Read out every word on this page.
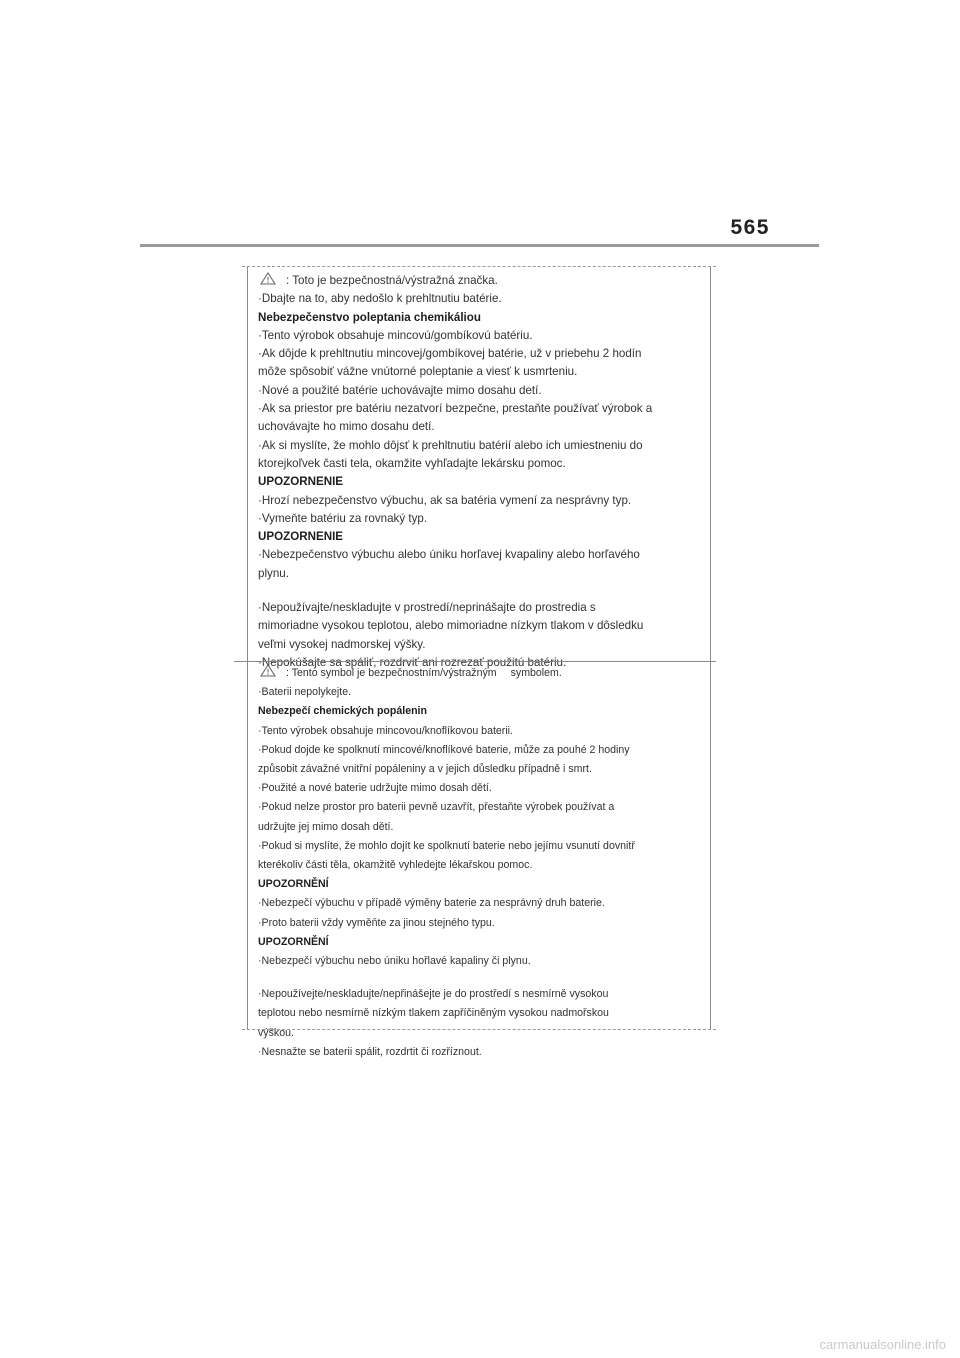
565
: Toto je bezpečnostná/výstražná značka.
·Dbajte na to, aby nedošlo k prehltnutiu batérie.
Nebezpečenstvo poleptania chemikáliou
·Tento výrobok obsahuje mincovú/gombíkovú batériu.
·Ak dôjde k prehltnutiu mincovej/gombíkovej batérie, už v priebehu 2 hodín
môže spôsobiť vážne vnútorné poleptanie a viesť k usmrteniu.
·Nové a použité batérie uchovávajte mimo dosahu detí.
·Ak sa priestor pre batériu nezatvorí bezpečne, prestaňte používať výrobok a
uchovávajte ho mimo dosahu detí.
·Ak si myslíte, že mohlo dôjsť k prehltnutiu batérií alebo ich umiestneniu do
ktorejkoľvek časti tela, okamžite vyhľadajte lekársku pomoc.
UPOZORNENIE
·Hrozí nebezpečenstvo výbuchu, ak sa batéria vymení za nesprávny typ.
·Vymeňte batériu za rovnaký typ.
UPOZORNENIE
·Nebezpečenstvo výbuchu alebo úniku horľavej kvapaliny alebo horľavého
plynu.
·Nepoužívajte/neskladujte v prostredí/neprinášajte do prostredia s
mimoriadne vysokou teplotou, alebo mimoriadne nízkym tlakom v dôsledku
veľmi vysokej nadmorskej výšky.
·Nepokúšajte sa spáliť, rozdrviť ani rozrezať použitú batériu.
: Tento symbol je bezpečnostním/výstražným symbolem.
·Baterii nepolykejte.
Nebezpečí chemických popálenin
·Tento výrobek obsahuje mincovou/knoflíkovou baterii.
·Pokud dojde ke spolknutí mincové/knoflíkové baterie, může za pouhé 2 hodiny
způsobit závažné vnitřní popáleniny a v jejich důsledku případně i smrt.
·Použité a nové baterie udržujte mimo dosah dětí.
·Pokud nelze prostor pro baterii pevně uzavřít, přestaňte výrobek používat a
udržujte jej mimo dosah dětí.
·Pokud si myslíte, že mohlo dojít ke spolknutí baterie nebo jejímu vsunutí dovnitř
kterékoliv části těla, okamžitě vyhledejte lékařskou pomoc.
UPOZORNĚNÍ
·Nebezpečí výbuchu v případě výměny baterie za nesprávný druh baterie.
·Proto baterii vždy vyměňte za jinou stejného typu.
UPOZORNĚNÍ
·Nebezpečí výbuchu nebo úniku hořlavé kapaliny či plynu.
·Nepoužívejte/neskladujte/nepřinášejte je do prostředí s nesmírně vysokou
teplotou nebo nesmírně nízkým tlakem zapříčiněným vysokou nadmořskou
výškou.
·Nesnažte se baterii spálit, rozdrtit či rozříznout.
carmanualsonline.info
